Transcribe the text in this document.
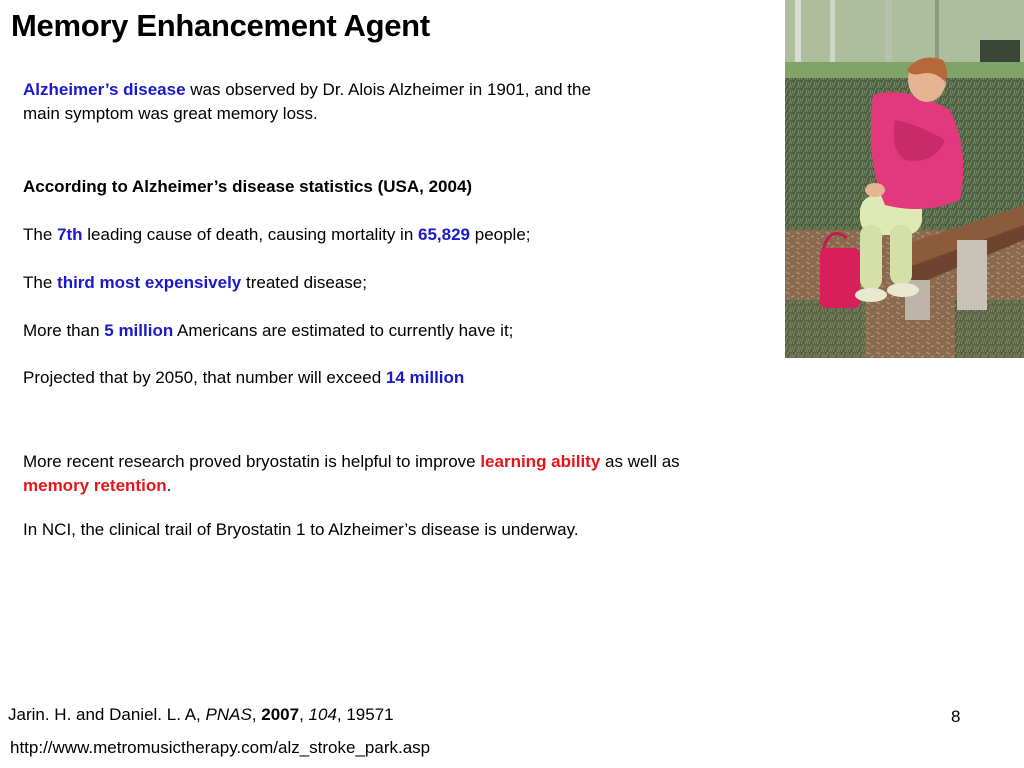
Memory Enhancement Agent
Alzheimer’s disease was observed by Dr. Alois Alzheimer in 1901, and the
main symptom was great memory loss.
According to Alzheimer’s disease statistics (USA, 2004)
The 7th leading cause of death, causing mortality in 65,829 people;
The third most expensively treated disease;
More than 5 million Americans are estimated to currently have it;
Projected that by 2050, that number will exceed 14 million
More recent research proved bryostatin is helpful to improve learning ability as well as
memory retention.
In NCI, the clinical trail of Bryostatin 1 to Alzheimer’s disease is underway.
Jarin. H. and Daniel. L. A, PNAS, 2007, 104, 19571	8
http://www.metromusictherapy.com/alz_stroke_park.asp
